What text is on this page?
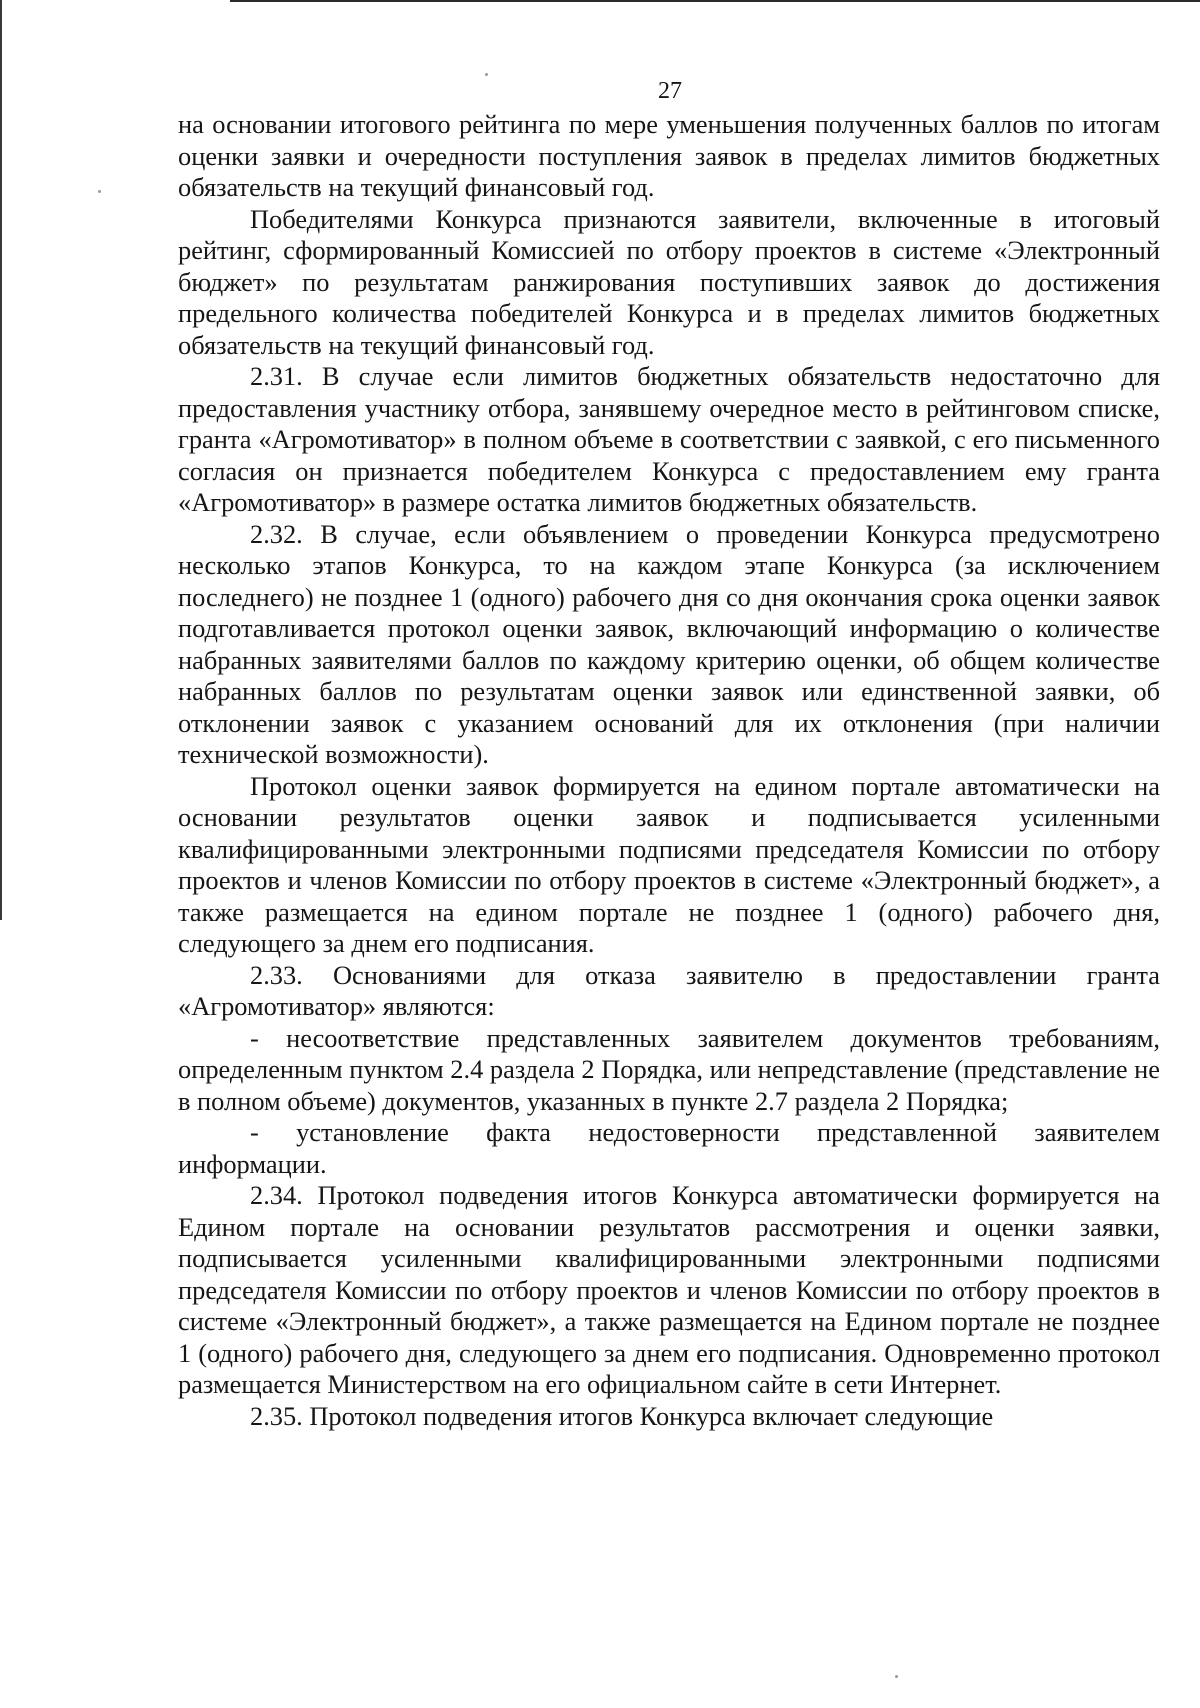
27

на основании итогового рейтинга по мере уменьшения полученных баллов по итогам оценки заявки и очередности поступления заявок в пределах лимитов бюджетных обязательств на текущий финансовый год.

Победителями Конкурса признаются заявители, включенные в итоговый рейтинг, сформированный Комиссией по отбору проектов в системе «Электронный бюджет» по результатам ранжирования поступивших заявок до достижения предельного количества победителей Конкурса и в пределах лимитов бюджетных обязательств на текущий финансовый год.

2.31. В случае если лимитов бюджетных обязательств недостаточно для предоставления участнику отбора, занявшему очередное место в рейтинговом списке, гранта «Агромотиватор» в полном объеме в соответствии с заявкой, с его письменного согласия он признается победителем Конкурса с предоставлением ему гранта «Агромотиватор» в размере остатка лимитов бюджетных обязательств.

2.32. В случае, если объявлением о проведении Конкурса предусмотрено несколько этапов Конкурса, то на каждом этапе Конкурса (за исключением последнего) не позднее 1 (одного) рабочего дня со дня окончания срока оценки заявок подготавливается протокол оценки заявок, включающий информацию о количестве набранных заявителями баллов по каждому критерию оценки, об общем количестве набранных баллов по результатам оценки заявок или единственной заявки, об отклонении заявок с указанием оснований для их отклонения (при наличии технической возможности).

Протокол оценки заявок формируется на едином портале автоматически на основании результатов оценки заявок и подписывается усиленными квалифицированными электронными подписями председателя Комиссии по отбору проектов и членов Комиссии по отбору проектов в системе «Электронный бюджет», а также размещается на едином портале не позднее 1 (одного) рабочего дня, следующего за днем его подписания.

2.33. Основаниями для отказа заявителю в предоставлении гранта «Агромотиватор» являются:

- несоответствие представленных заявителем документов требованиям, определенным пунктом 2.4 раздела 2 Порядка, или непредставление (представление не в полном объеме) документов, указанных в пункте 2.7 раздела 2 Порядка;

- установление факта недостоверности представленной заявителем информации.

2.34. Протокол подведения итогов Конкурса автоматически формируется на Едином портале на основании результатов рассмотрения и оценки заявки, подписывается усиленными квалифицированными электронными подписями председателя Комиссии по отбору проектов и членов Комиссии по отбору проектов в системе «Электронный бюджет», а также размещается на Едином портале не позднее 1 (одного) рабочего дня, следующего за днем его подписания. Одновременно протокол размещается Министерством на его официальном сайте в сети Интернет.

2.35. Протокол подведения итогов Конкурса включает следующие
